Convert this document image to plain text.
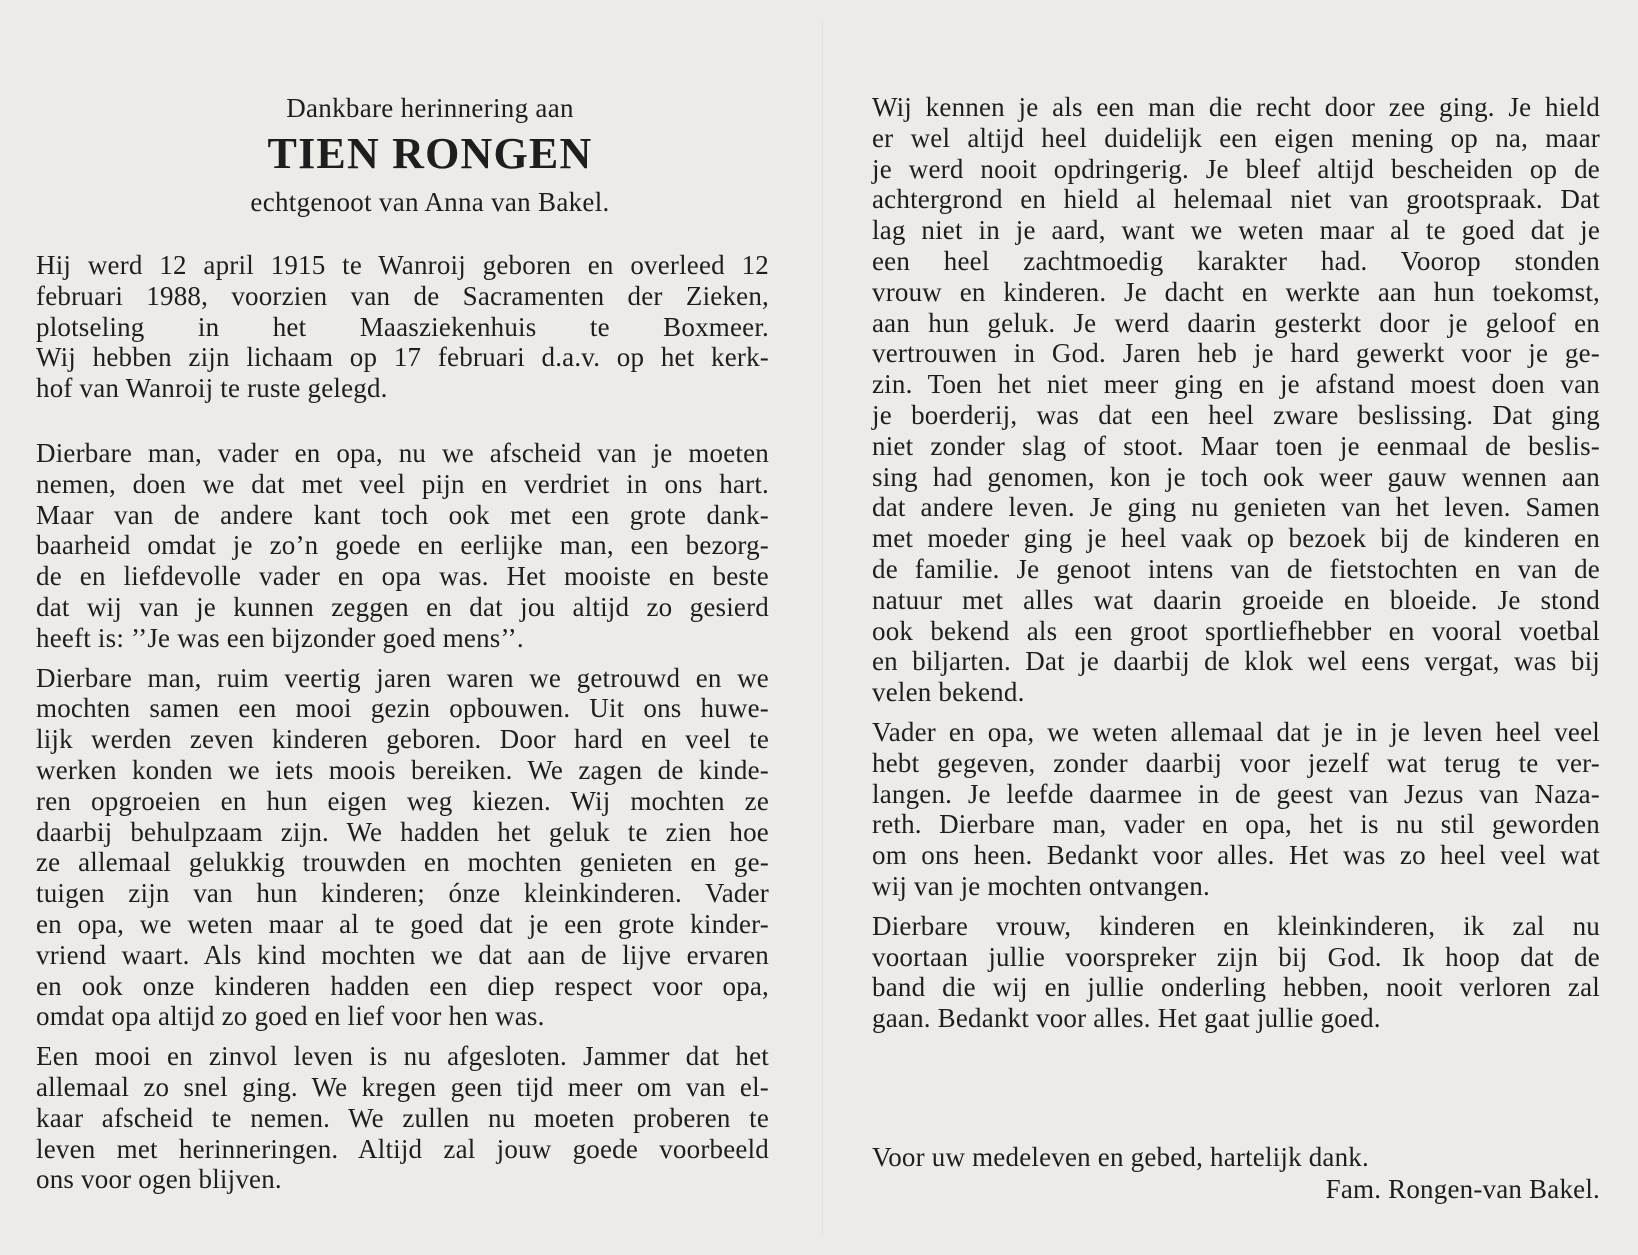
Dankbare herinnering aan

TIEN RONGEN

echtgenoot van Anna van Bakel.

Hij werd 12 april 1915 te Wanroij geboren en overleed 12
februari 1988, voorzien van de Sacramenten der Zieken,
plotseling in het Maasziekenhuis te Boxmeer.
Wij hebben zijn lichaam op 17 februari d.a.v. op het kerk-
hof van Wanroij te ruste gelegd.
Dierbare man, vader en opa, nu we afscheid van je moeten
nemen, doen we dat met veel pijn en verdriet in ons hart.
Maar van de andere kant toch ook met een grote dank-
baarheid omdat je zo’n goede en eerlijke man, een bezorg-
de en liefdevolle vader en opa was. Het mooiste en beste
dat wij van je kunnen zeggen en dat jou altijd zo gesierd
heeft is: ’’Je was een bijzonder goed mens’’.
Dierbare man, ruim veertig jaren waren we getrouwd en we
mochten samen een mooi gezin opbouwen. Uit ons huwe-
lijk werden zeven kinderen geboren. Door hard en veel te
werken konden we iets moois bereiken. We zagen de kinde-
ren opgroeien en hun eigen weg kiezen. Wij mochten ze
daarbij behulpzaam zijn. We hadden het geluk te zien hoe
ze allemaal gelukkig trouwden en mochten genieten en ge-
tuigen zijn van hun kinderen; ónze kleinkinderen. Vader
en opa, we weten maar al te goed dat je een grote kinder-
vriend waart. Als kind mochten we dat aan de lijve ervaren
en ook onze kinderen hadden een diep respect voor opa,
omdat opa altijd zo goed en lief voor hen was.
Een mooi en zinvol leven is nu afgesloten. Jammer dat het
allemaal zo snel ging. We kregen geen tijd meer om van el-
kaar afscheid te nemen. We zullen nu moeten proberen te
leven met herinneringen. Altijd zal jouw goede voorbeeld
ons voor ogen blijven.
Wij kennen je als een man die recht door zee ging. Je hield
er wel altijd heel duidelijk een eigen mening op na, maar
je werd nooit opdringerig. Je bleef altijd bescheiden op de
achtergrond en hield al helemaal niet van grootspraak. Dat
lag niet in je aard, want we weten maar al te goed dat je
een heel zachtmoedig karakter had. Voorop stonden
vrouw en kinderen. Je dacht en werkte aan hun toekomst,
aan hun geluk. Je werd daarin gesterkt door je geloof en
vertrouwen in God. Jaren heb je hard gewerkt voor je ge-
zin. Toen het niet meer ging en je afstand moest doen van
je boerderij, was dat een heel zware beslissing. Dat ging
niet zonder slag of stoot. Maar toen je eenmaal de beslis-
sing had genomen, kon je toch ook weer gauw wennen aan
dat andere leven. Je ging nu genieten van het leven. Samen
met moeder ging je heel vaak op bezoek bij de kinderen en
de familie. Je genoot intens van de fietstochten en van de
natuur met alles wat daarin groeide en bloeide. Je stond
ook bekend als een groot sportliefhebber en vooral voetbal
en biljarten. Dat je daarbij de klok wel eens vergat, was bij
velen bekend.
Vader en opa, we weten allemaal dat je in je leven heel veel
hebt gegeven, zonder daarbij voor jezelf wat terug te ver-
langen. Je leefde daarmee in de geest van Jezus van Naza-
reth. Dierbare man, vader en opa, het is nu stil geworden
om ons heen. Bedankt voor alles. Het was zo heel veel wat
wij van je mochten ontvangen.
Dierbare vrouw, kinderen en kleinkinderen, ik zal nu
voortaan jullie voorspreker zijn bij God. Ik hoop dat de
band die wij en jullie onderling hebben, nooit verloren zal
gaan. Bedankt voor alles. Het gaat jullie goed.

Voor uw medeleven en gebed, hartelijk dank.

Fam. Rongen-van Bakel.
